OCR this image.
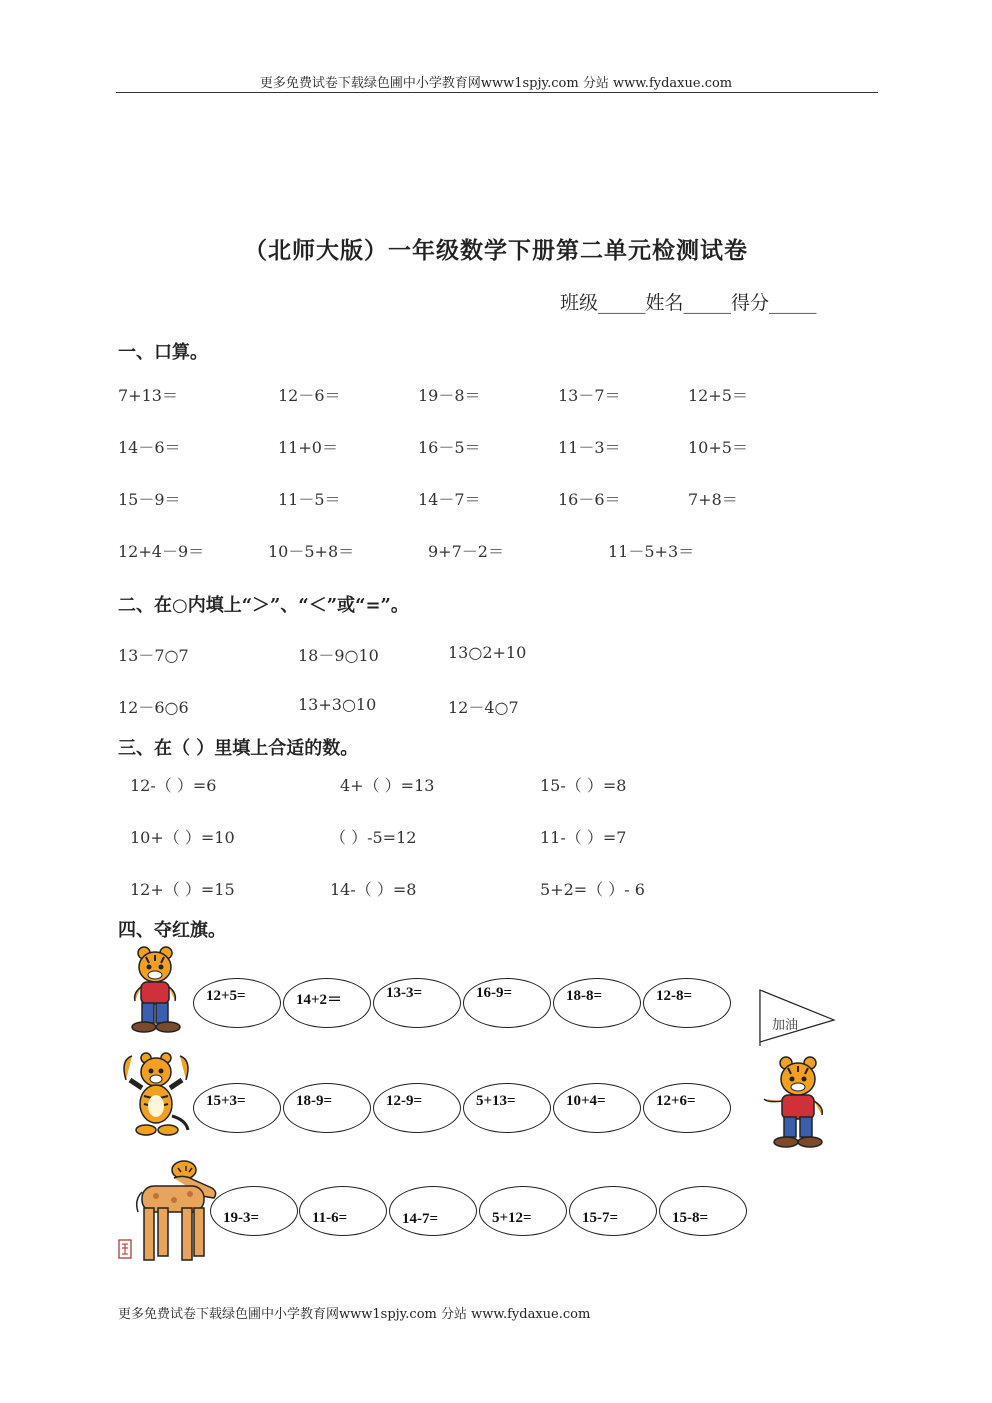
更多免费试卷下载绿色圃中小学教育网www1spjy.com 分站 www.fydaxue.com
（北师大版）一年级数学下册第二单元检测试卷
班级_____姓名_____得分_____
一、口算。
7+13＝	12－6＝	19－8＝	13－7＝	12+5＝
14－6＝	11+0＝	16－5＝	11－3＝	10+5＝
15－9＝	11－5＝	14－7＝	16－6＝	7+8＝
12+4－9＝	10－5+8＝	9+7－2＝	11－5+3＝
二、在○内填上“＞”、“＜”或“=”。
13－7○7	18－9○10	13○2+10
12－6○6	13+3○10	12－4○7
三、在（ ）里填上合适的数。
12-（ ）=6	4+（ ）=13	15-（ ）=8
10+（ ）=10	（ ）-5=12	11-（ ）=7
12+（ ）=15	14-（ ）=8	5+2=（ ）- 6
四、夺红旗。
12+5=	14+2＝	13-3=	16-9=	18-8=	12-8=
15+3=	18-9=	12-9=	5+13=	10+4=	12+6=
19-3=	11-6=	14-7=	5+12=	15-7=	15-8=
加油
更多免费试卷下载绿色圃中小学教育网www1spjy.com 分站 www.fydaxue.com
